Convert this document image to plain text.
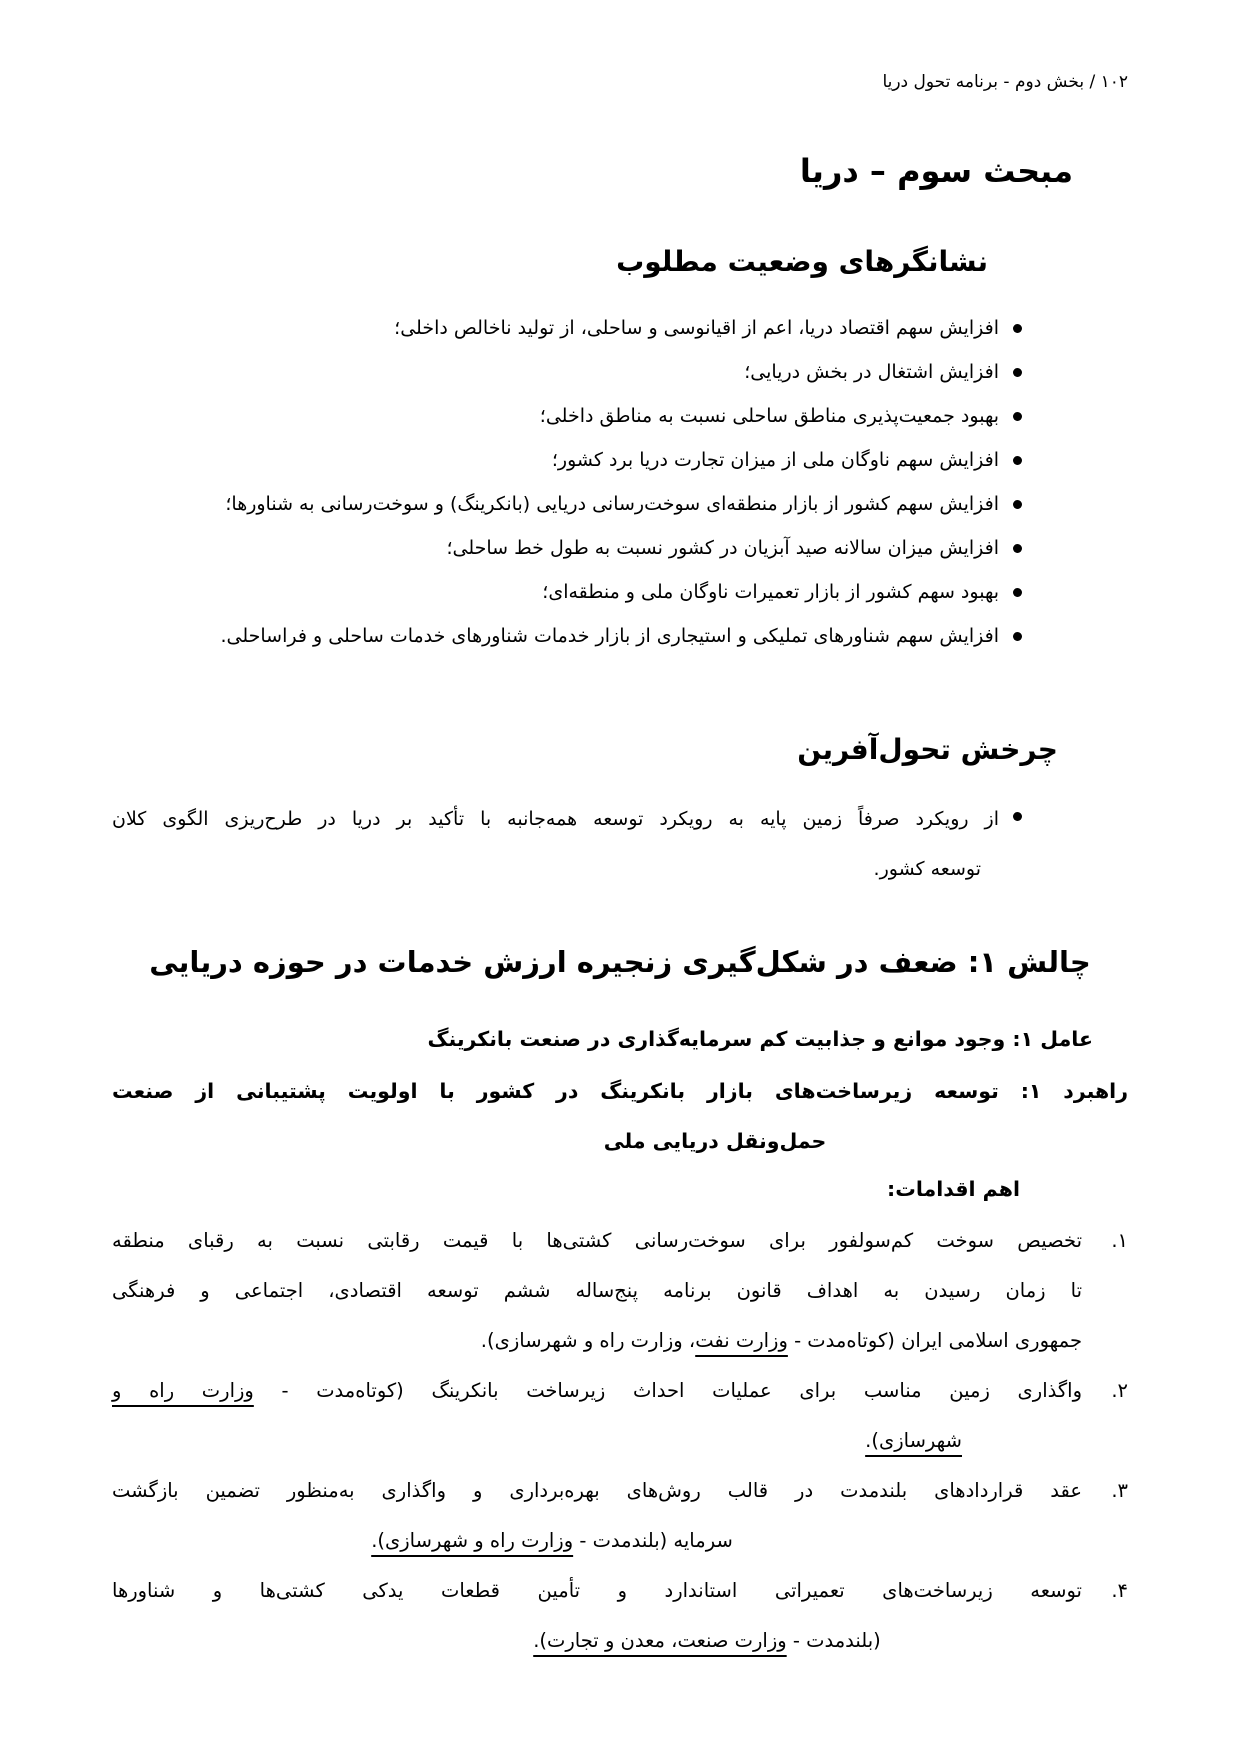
۱۰۲ / بخش دوم - برنامه تحول دریا
مبحث سوم – دریا
نشانگرهای وضعیت مطلوب
افزایش سهم اقتصاد دریا، اعم از اقیانوسی و ساحلی، از تولید ناخالص داخلی؛
افزایش اشتغال در بخش دریایی؛
بهبود جمعیت‌پذیری مناطق ساحلی نسبت به مناطق داخلی؛
افزایش سهم ناوگان ملی از میزان تجارت دریا برد کشور؛
افزایش سهم کشور از بازار منطقه‌ای سوخت‌رسانی دریایی (بانکرینگ) و سوخت‌رسانی به شناورها؛
افزایش میزان سالانه صید آبزیان در کشور نسبت به طول خط ساحلی؛
بهبود سهم کشور از بازار تعمیرات ناوگان ملی و منطقه‌ای؛
افزایش سهم شناورهای تملیکی و استیجاری از بازار خدمات شناورهای خدمات ساحلی و فراساحلی.
چرخش تحول‌آفرین
از رویکرد صرفاً زمین پایه به رویکرد توسعه همه‌جانبه با تأکید بر دریا در طرح‌ریزی الگوی کلان
توسعه کشور.
چالش ۱: ضعف در شکل‌گیری زنجیره ارزش خدمات در حوزه دریایی

عامل ۱: وجود موانع و جذابیت کم سرمایه‌گذاری در صنعت بانکرینگ

راهبرد ۱: توسعه زیرساخت‌های بازار بانکرینگ در کشور با اولویت پشتیبانی از صنعت

حمل‌ونقل دریایی ملی

اهم اقدامات:

۱.
تخصیص سوخت کم‌سولفور برای سوخت‌رسانی کشتی‌ها با قیمت رقابتی نسبت به رقبای منطقه
تا زمان رسیدن به اهداف قانون برنامه پنج‌ساله ششم توسعه اقتصادی، اجتماعی و فرهنگی
جمهوری اسلامی ایران (کوتاه‌مدت - وزارت نفت، وزارت راه و شهرسازی).
۲.
واگذاری زمین مناسب برای عملیات احداث زیرساخت بانکرینگ (کوتاه‌مدت - وزارت راه و
شهرسازی).
۳.
عقد قراردادهای بلندمدت در قالب روش‌های بهره‌برداری و واگذاری به‌منظور تضمین بازگشت
سرمایه (بلندمدت - وزارت راه و شهرسازی).
۴.
توسعه زیرساخت‌های تعمیراتی استاندارد و تأمین قطعات یدکی کشتی‌ها و شناورها
(بلندمدت - وزارت صنعت، معدن و تجارت).
